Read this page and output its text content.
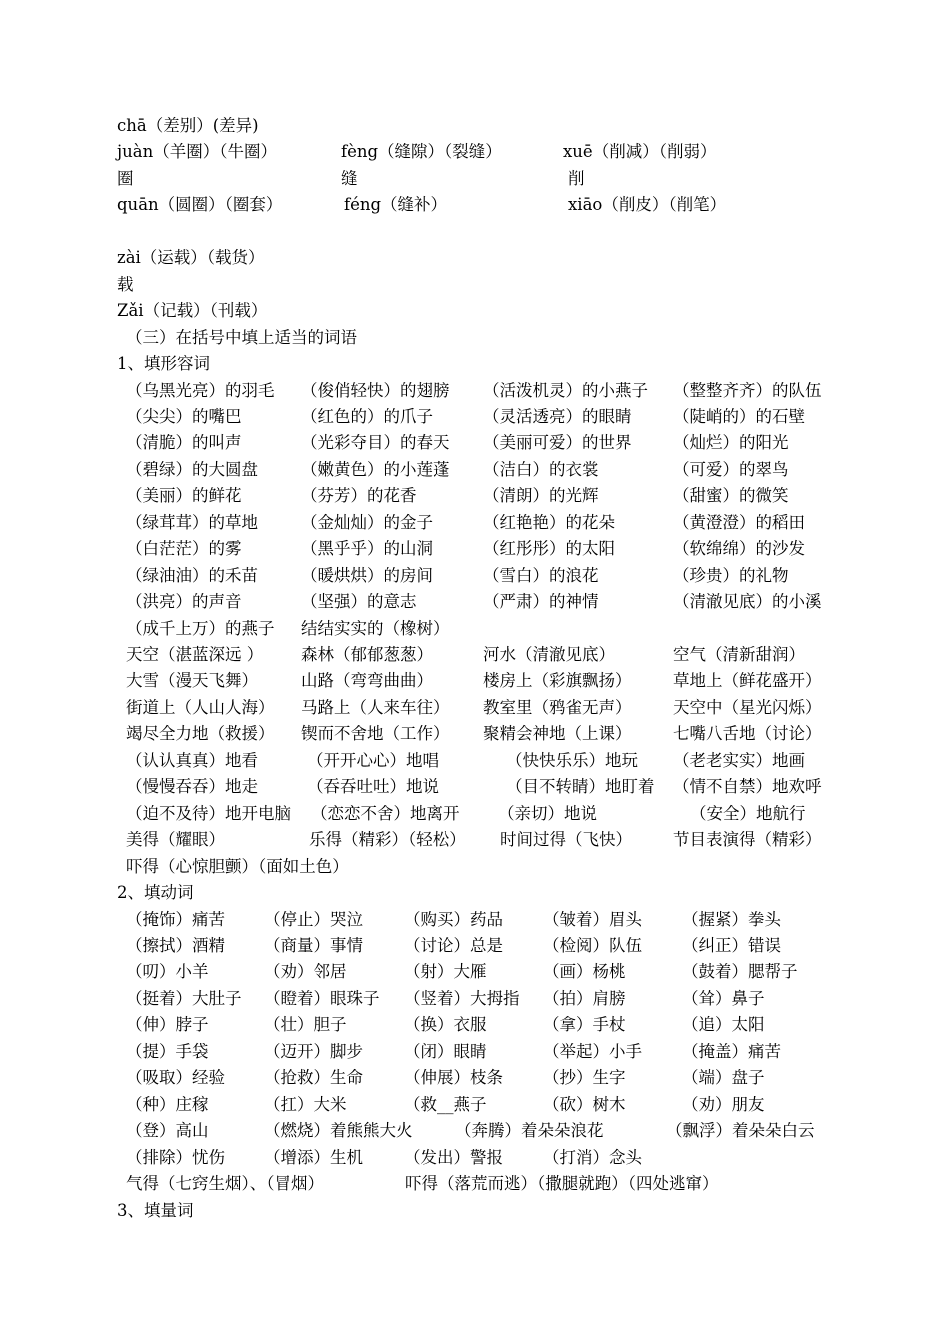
chā（差别）(差异)
juàn（羊圈）（牛圈）	fèng（缝隙）（裂缝）	xuē（削减）（削弱）
圈	缝	削
quān（圆圈）（圈套）	féng（缝补）	xiāo（削皮）（削笔）
zài（运载）（载货）
载
Zǎi（记载）（刊载）
（三）在括号中填上适当的词语
1、填形容词
（乌黑光亮）的羽毛 （俊俏轻快）的翅膀 （活泼机灵）的小燕子 （整整齐齐）的队伍
（尖尖）的嘴巴	（红色的）的爪子	（灵活透亮）的眼睛	（陡峭的）的石壁
（清脆）的叫声	（光彩夺目）的春天 （美丽可爱）的世界	（灿烂）的阳光
（碧绿）的大圆盘	（嫩黄色）的小莲蓬 （洁白）的衣裳	（可爱）的翠鸟
（美丽）的鲜花	（芬芳）的花香	（清朗）的光辉	（甜蜜）的微笑
（绿茸茸）的草地	（金灿灿）的金子	（红艳艳）的花朵	（黄澄澄）的稻田
（白茫茫）的雾	（黑乎乎）的山洞	（红彤彤）的太阳	（软绵绵）的沙发
（绿油油）的禾苗	（暖烘烘）的房间	（雪白）的浪花	（珍贵）的礼物
（洪亮）的声音	（坚强）的意志	（严肃）的神情	（清澈见底）的小溪
（成千上万）的燕子 结结实实的（橡树）
天空（湛蓝深远 ） 森林（郁郁葱葱）	河水（清澈见底）	空气（清新甜润）
大雪（漫天飞舞）	山路（弯弯曲曲）	楼房上（彩旗飘扬）	草地上（鲜花盛开）
街道上（人山人海） 马路上（人来车往） 教室里（鸦雀无声）	天空中（星光闪烁）
竭尽全力地（救援） 锲而不舍地（工作） 聚精会神地（上课）	七嘴八舌地（讨论）
（认认真真）地看	（开开心心）地唱	（快快乐乐）地玩 （老老实实）地画
（慢慢吞吞）地走	（吞吞吐吐）地说	（目不转睛）地盯着 （情不自禁）地欢呼
（迫不及待）地开电脑 （恋恋不舍）地离开 （亲切）地说	（安全）地航行
美得（耀眼）	乐得（精彩）（轻松） 时间过得（飞快） 节目表演得（精彩）
吓得（心惊胆颤）（面如土色）
2、填动词
（掩饰）痛苦 （停止）哭泣 （购买）药品 （皱着）眉头 （握紧）拳头
（擦拭）酒精 （商量）事情 （讨论）总是 （检阅）队伍 （纠正）错误
（叨）小羊	（劝）邻居	（射）大雁	（画）杨桃	（鼓着）腮帮子
（挺着）大肚子 （瞪着）眼珠子 （竖着）大拇指 （拍）肩膀	（耸）鼻子
（伸）脖子	（壮）胆子	（换）衣服	（拿）手杖	（追）太阳
（提）手袋	（迈开）脚步 （闭）眼睛	（举起）小手 （掩盖）痛苦
（吸取）经验 （抢救）生命 （伸展）枝条 （抄）生字	（端）盘子
（种）庄稼	（扛）大米	（救__燕子	（砍）树木	（劝）朋友
（登）高山	（燃烧）着熊熊大火	（奔腾）着朵朵浪花	（飘浮）着朵朵白云
（排除）忧伤 （增添）生机 （发出）警报 （打消）念头
气得（七窍生烟）、（冒烟）	吓得（落荒而逃）（撒腿就跑）（四处逃窜）
3、填量词
